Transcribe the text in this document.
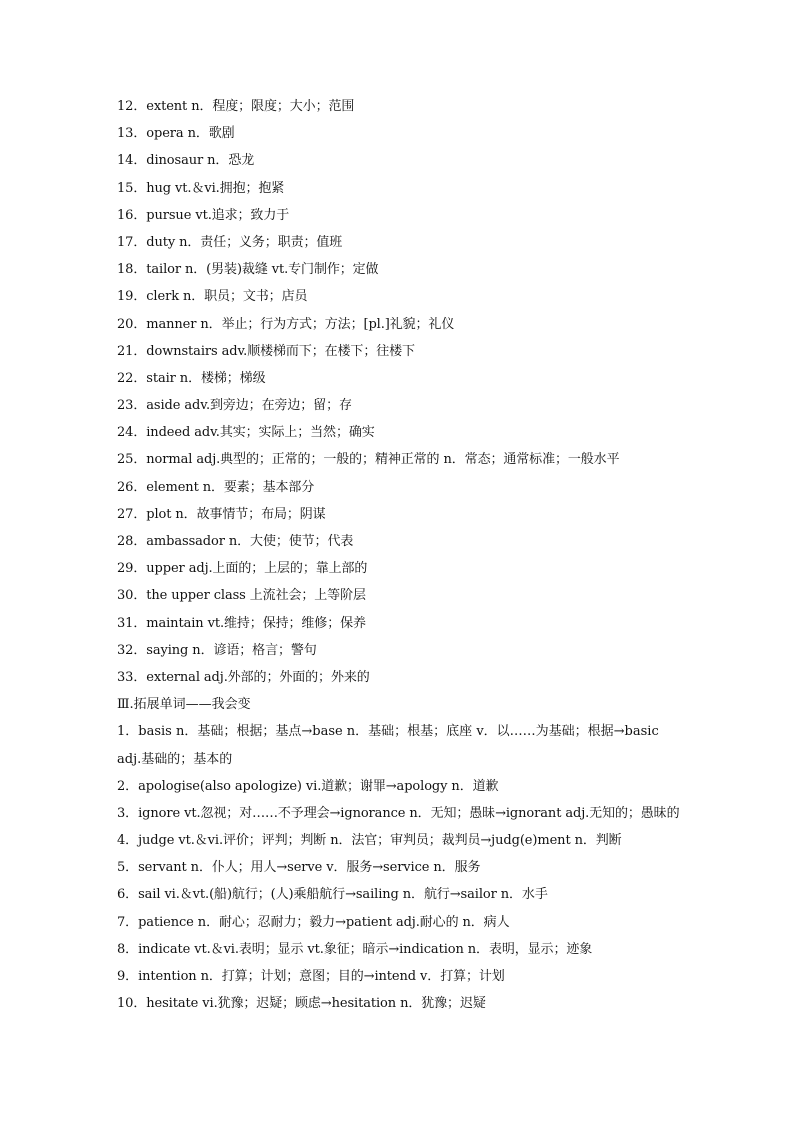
12．extent n．程度；限度；大小；范围
13．opera n．歌剧
14．dinosaur n．恐龙
15．hug vt.＆vi.拥抱；抱紧
16．pursue vt.追求；致力于
17．duty n．责任；义务；职责；值班
18．tailor n．(男装)裁缝 vt.专门制作；定做
19．clerk n．职员；文书；店员
20．manner n．举止；行为方式；方法；[pl.]礼貌；礼仪
21．downstairs adv.顺楼梯而下；在楼下；往楼下
22．stair n．楼梯；梯级
23．aside adv.到旁边；在旁边；留；存
24．indeed adv.其实；实际上；当然；确实
25．normal adj.典型的；正常的；一般的；精神正常的 n．常态；通常标准；一般水平
26．element n．要素；基本部分
27．plot n．故事情节；布局；阴谋
28．ambassador n．大使；使节；代表
29．upper adj.上面的；上层的；靠上部的
30．the upper class 上流社会；上等阶层
31．maintain vt.维持；保持；维修；保养
32．saying n．谚语；格言；警句
33．external adj.外部的；外面的；外来的
Ⅲ.拓展单词——我会变
1．basis n．基础；根据；基点→base n．基础；根基；底座 v．以……为基础；根据→basic adj.基础的；基本的
2．apologise(also apologize) vi.道歉；谢罪→apology n．道歉
3．ignore vt.忽视；对……不予理会→ignorance n．无知；愚昧→ignorant adj.无知的；愚昧的
4．judge vt.＆vi.评价；评判；判断 n．法官；审判员；裁判员→judg(e)ment n．判断
5．servant n．仆人；用人→serve v．服务→service n．服务
6．sail vi.＆vt.(船)航行；(人)乘船航行→sailing n．航行→sailor n．水手
7．patience n．耐心；忍耐力；毅力→patient adj.耐心的 n．病人
8．indicate vt.＆vi.表明；显示 vt.象征；暗示→indication n．表明，显示；迹象
9．intention n．打算；计划；意图；目的→intend v．打算；计划
10．hesitate vi.犹豫；迟疑；顾虑→hesitation n．犹豫；迟疑
